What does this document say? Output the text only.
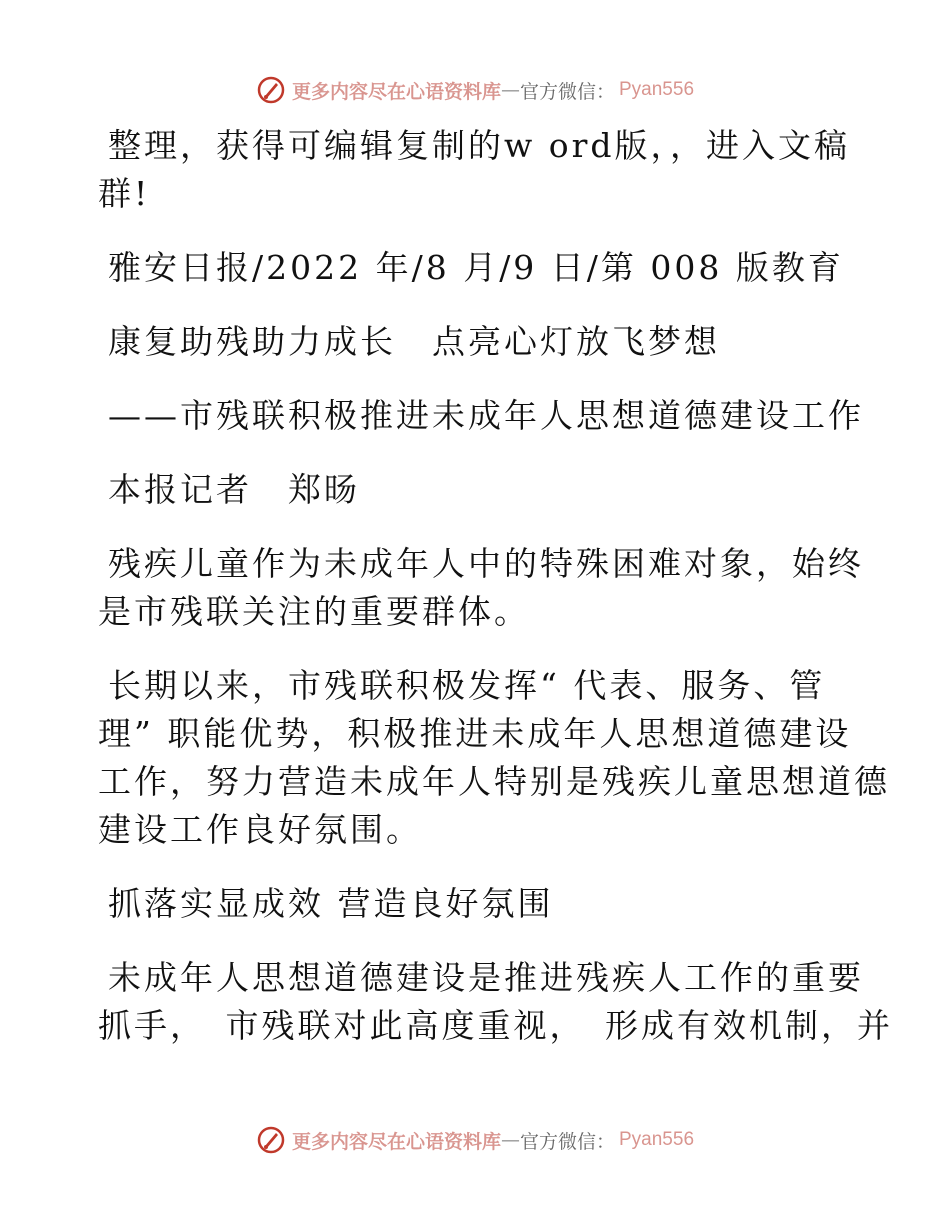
更多内容尽在心语资料库 — 官方微信： Pyan556
整理，获得可编辑复制的w ord版，，进入文稿
群!
雅安日报/2022 年/8 月/9 日/第 008 版教育
康复助残助力成长　点亮心灯放飞梦想
——市残联积极推进未成年人思想道德建设工作
本报记者　郑旸
残疾儿童作为未成年人中的特殊困难对象，始终
是市残联关注的重要群体。
长期以来，市残联积极发挥“ 代表、服务、管
理” 职能优势，积极推进未成年人思想道德建设
工作，努力营造未成年人特别是残疾儿童思想道德
建设工作良好氛围。
抓落实显成效 营造良好氛围
未成年人思想道德建设是推进残疾人工作的重要
抓手，　市残联对此高度重视，　形成有效机制，并
更多内容尽在心语资料库 — 官方微信： Pyan556
